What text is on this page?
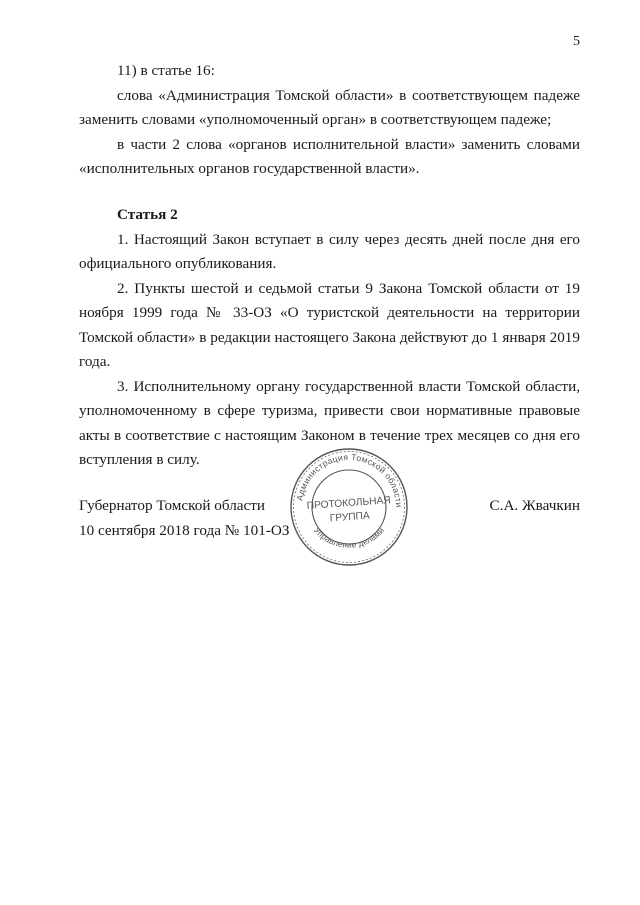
5

11) в статье 16:

слова «Администрация Томской области» в соответствующем падеже заменить словами «уполномоченный орган» в соответствующем падеже;

в части 2 слова «органов исполнительной власти» заменить словами «исполнительных органов государственной власти».

Статья 2

1. Настоящий Закон вступает в силу через десять дней после дня его официального опубликования.

2. Пункты шестой и седьмой статьи 9 Закона Томской области от 19 ноября 1999 года № 33-ОЗ «О туристской деятельности на территории Томской области» в редакции настоящего Закона действуют до 1 января 2019 года.

3. Исполнительному органу государственной власти Томской области, уполномоченному в сфере туризма, привести свои нормативные правовые акты в соответствие с настоящим Законом в течение трех месяцев со дня его вступления в силу.

Губернатор Томской области
10 сентября 2018 года № 101-ОЗ
С.А. Жвачкин
Администрация Томской области
Управление делами
ПРОТОКОЛЬНАЯ
ГРУППА
